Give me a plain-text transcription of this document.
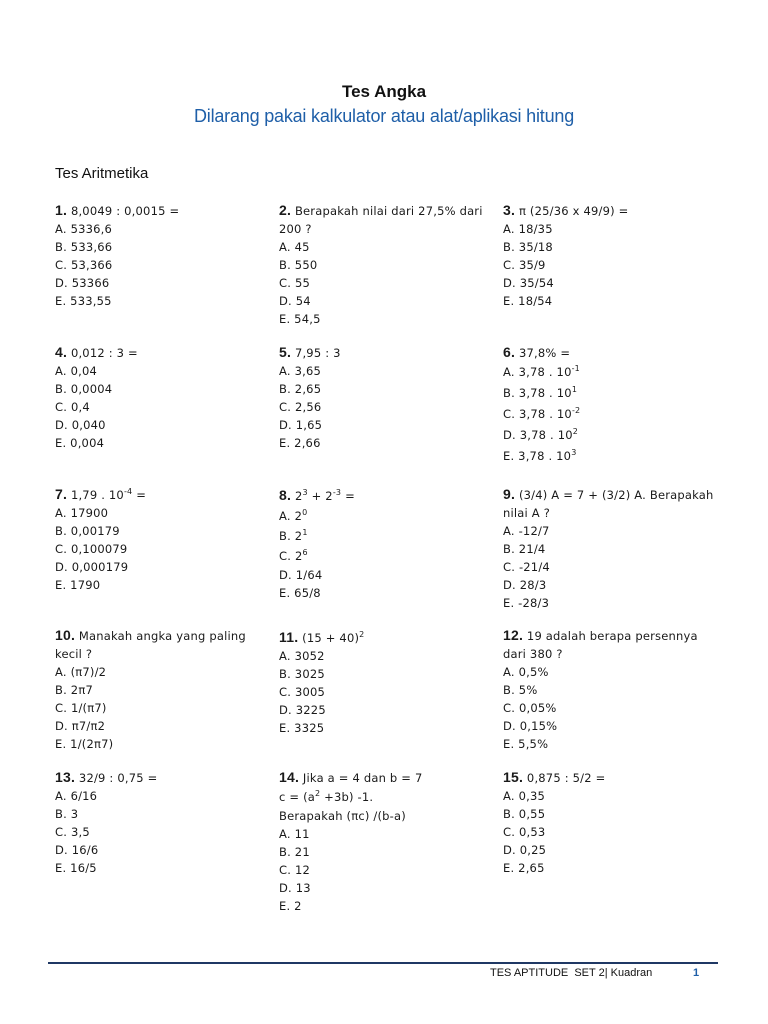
Tes Angka
Dilarang pakai kalkulator atau alat/aplikasi hitung
Tes Aritmetika
1. 8,0049 : 0,0015 =
A. 5336,6
B. 533,66
C. 53,366
D. 53366
E. 533,55
2. Berapakah nilai dari 27,5% dari 200 ?
A. 45
B. 550
C. 55
D. 54
E. 54,5
3. π (25/36 x 49/9) =
A. 18/35
B. 35/18
C. 35/9
D. 35/54
E. 18/54
4. 0,012 : 3 =
A. 0,04
B. 0,0004
C. 0,4
D. 0,040
E. 0,004
5. 7,95 : 3
A. 3,65
B. 2,65
C. 2,56
D. 1,65
E. 2,66
6. 37,8% =
A. 3,78 . $10^{-1}$
B. 3,78 . $10^1$
C. 3,78 . $10^{-2}$
D. 3,78 . $10^2$
E. 3,78 . $10^3$
7. 1,79 . $10^{-4}$ =
A. 17900
B. 0,00179
C. 0,100079
D. 0,000179
E. 1790
8. $2^3 + 2^{-3}$ =
A. $2^0$
B. $2^1$
C. $2^6$
D. 1/64
E. 65/8
9. (3/4) A = 7 + (3/2) A. Berapakah nilai A ?
A. -12/7
B. 21/4
C. -21/4
D. 28/3
E. -28/3
10. Manakah angka yang paling kecil ?
A. (π7)/2
B. 2π7
C. 1/(π7)
D. π7/π2
E. 1/(2π7)
11. $(15 + 40)^2$
A. 3052
B. 3025
C. 3005
D. 3225
E. 3325
12. 19 adalah berapa persennya dari 380 ?
A. 0,5%
B. 5%
C. 0,05%
D. 0,15%
E. 5,5%
13. 32/9 : 0,75 =
A. 6/16
B. 3
C. 3,5
D. 16/6
E. 16/5
14. Jika a = 4 dan b = 7
$c = (a^2 +3b)$ -1.
Berapakah (πc) /(b-a)
A. 11
B. 21
C. 12
D. 13
E. 2
15. 0,875 : 5/2 =
A. 0,35
B. 0,55
C. 0,53
D. 0,25
E. 2,65
TES APTITUDE  SET 2| Kuadran	1
